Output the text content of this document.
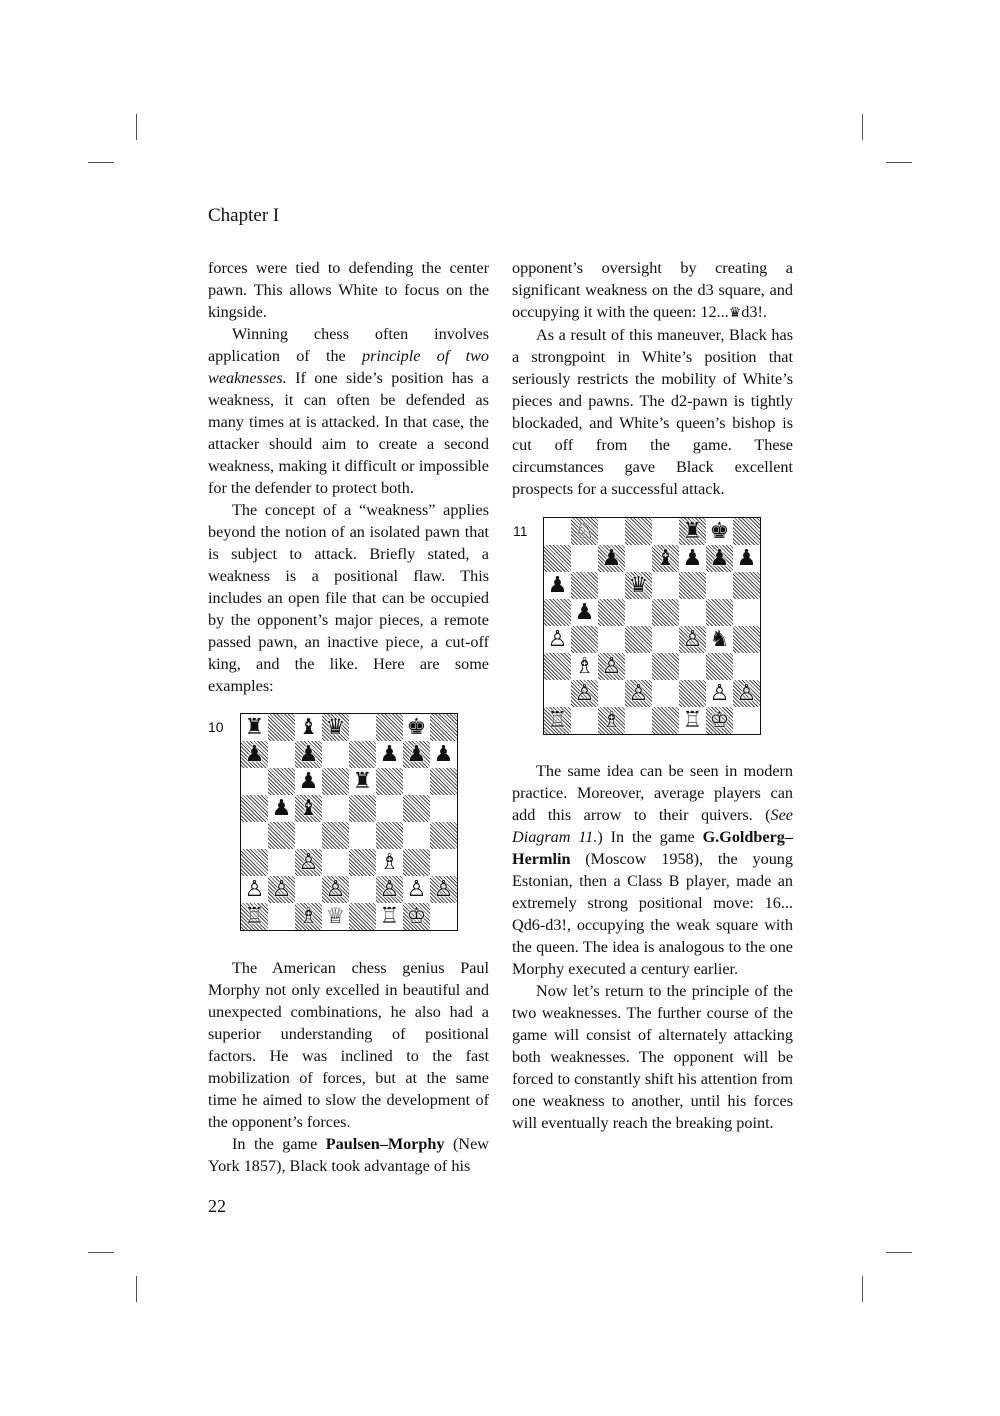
Chapter I

forces were tied to defending the center pawn. This allows White to focus on the kingside.

Winning chess often involves application of the principle of two weaknesses. If one side’s position has a weakness, it can often be defended as many times at is attacked. In that case, the attacker should aim to create a second weakness, making it difficult or impossible for the defender to protect both.

The concept of a “weakness” applies beyond the notion of an isolated pawn that is subject to attack. Briefly stated, a weakness is a positional flaw. This includes an open file that can be occupied by the opponent’s major pieces, a remote passed pawn, an inactive piece, a cut-off king, and the like. Here are some examples:

10 ♜ ♝ ♛	♚
♟ ♟	♟ ♟ ♟
♟ ♜
♟ ♝
♙	♗
♙ ♙ ♙ ♙ ♙ ♙
♖ ♗ ♕ ♖ ♔

The American chess genius Paul Morphy not only excelled in beautiful and unexpected combinations, he also had a superior understanding of positional factors. He was inclined to the fast mobilization of forces, but at the same time he aimed to slow the development of the opponent’s forces.

In the game Paulsen–Morphy (New York 1857), Black took advantage of his

opponent’s oversight by creating a significant weakness on the d3 square, and occupying it with the queen: 12...♛d3!.

As a result of this maneuver, Black has a strongpoint in White’s position that seriously restricts the mobility of White’s pieces and pawns. The d2-pawn is tightly blockaded, and White’s queen’s bishop is cut off from the game. These circumstances gave Black excellent prospects for a successful attack.

11 ♘	♜ ♚
♟ ♝ ♟ ♟ ♟
♟	♛
♟
♙	♙ ♞
♗ ♙
♙ ♙	♙ ♙
♖ ♗	♖ ♔

The same idea can be seen in modern practice. Moreover, average players can add this arrow to their quivers. (See Diagram 11.) In the game G.Goldberg–Hermlin (Moscow 1958), the young Estonian, then a Class B player, made an extremely strong positional move: 16... Qd6-d3!, occupying the weak square with the queen. The idea is analogous to the one Morphy executed a century earlier.

Now let’s return to the principle of the two weaknesses. The further course of the game will consist of alternately attacking both weaknesses. The opponent will be forced to constantly shift his attention from one weakness to another, until his forces will eventually reach the breaking point.

22
